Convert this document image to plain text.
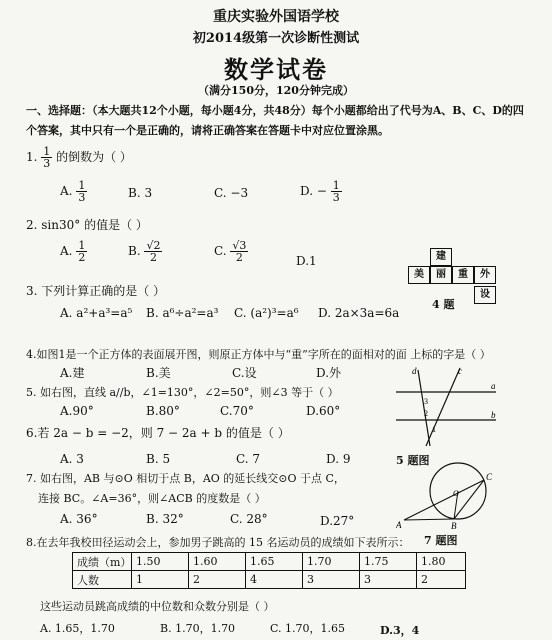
重庆实验外国语学校
初2014级第一次诊断性测试
数学试卷
（满分150分，120分钟完成）
一、选择题：（本大题共12个小题，每小题4分，共48分）每个小题都给出了代号为A、B、C、D的四
个答案，其中只有一个是正确的，请将正确答案在答题卡中对应位置涂黑。
1. $\frac{1}{3}$ 的倒数为（ ）
A. $\frac{1}{3}$	B. 3	C. −3	D. − $\frac{1}{3}$
2. sin30° 的值是（ ）
A. $\frac{1}{2}$	B. $\frac{√2}{2}$	C. $\frac{√3}{2}$	D.1	建
美	丽	重	外
设
4 题
3. 下列计算正确的是（ ）
A. a²+a³=a⁵ B. a⁶÷a²=a³ C. (a²)³=a⁶ D. 2a×3a=6a
4.如图1是一个正方体的表面展开图，则原正方体中与“重”字所在的面相对的面 上标的字是（ ）
A.建	B.美	C.设	D.外
5. 如右图，直线 a//b，∠1=130°，∠2=50°，则∠3 等于（ ）
A.90°	B.80°	C.70°	D.60°
d	c
a
b
3
2
1
5 题图
6.若 2a − b = −2，则 7 − 2a + b 的值是（ ）
A. 3	B. 5	C. 7	D. 9
7. 如右图，AB 与⊙O 相切于点 B，AO 的延长线交⊙O 于点 C，
连接 BC。∠A=36°，则∠ACB 的度数是（ ）
A. 36°	B. 32°	C. 28°	D.27°	A	B
C
O
7 题图
8.在去年我校田径运动会上，参加男子跳高的 15 名运动员的成绩如下表所示：
成绩（m）	1.50	1.60	1.65	1.70	1.75	1.80
人数	1	2	4	3	3	2
这些运动员跳高成绩的中位数和众数分别是（ ）
A. 1.65，1.70	B. 1.70，1.70	C. 1.70，1.65	D.3，4
